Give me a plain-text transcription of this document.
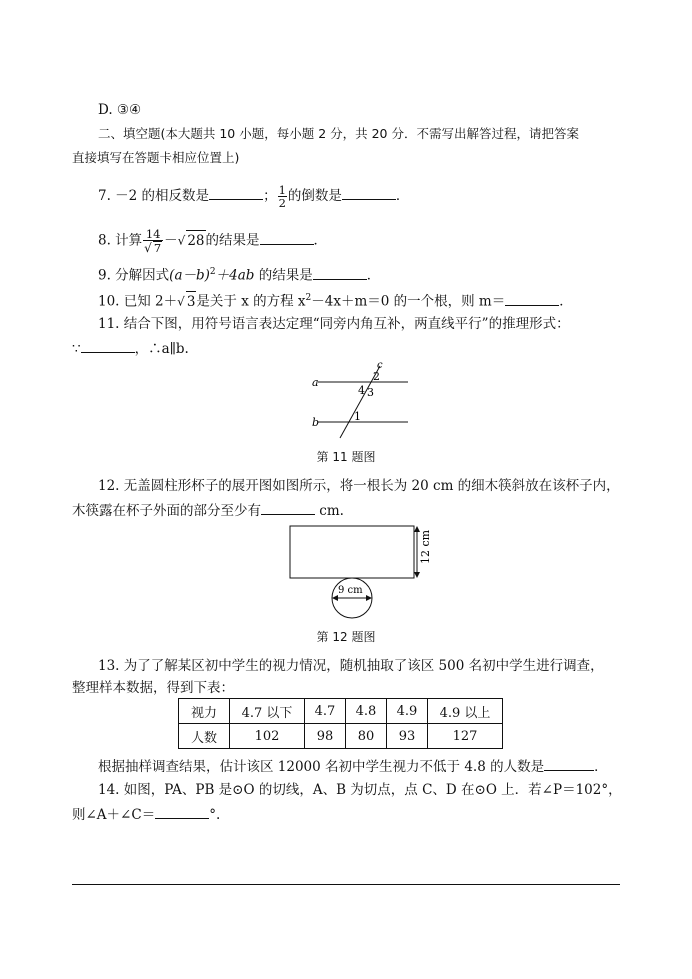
D. ③④
二、填空题(本大题共 10 小题，每小题 2 分，共 20 分．不需写出解答过程，请把答案
直接填写在答题卡相应位置上)
7. －2 的相反数是	； $\frac{1}{2}$ 的倒数是	．
8. 计算 $\frac{14}{√ 7}$ －√ 28的结果是	．
9. 分解因式$(a-b)^2+4ab$ 的结果是	．
10. 已知 2＋√ 3是关于 x 的方程 $x^2-4x+m=0$ 的一个根，则 m＝	．
11. 结合下图，用符号语言表达定理“同旁内角互补，两直线平行”的推理形式：
∵	，∴a∥b.
a
b
c
2
4 3
1
第 11 题图
12. 无盖圆柱形杯子的展开图如图所示，将一根长为 20 cm 的细木筷斜放在该杯子内，
木筷露在杯子外面的部分至少有	cm.
12 cm
9 cm
第 12 题图
13. 为了了解某区初中学生的视力情况，随机抽取了该区 500 名初中学生进行调查，
整理样本数据，得到下表：
视力	4.7 以下	4.7	4.8	4.9	4.9 以上
人数	102	98	80	93	127
根据抽样调查结果，估计该区 12000 名初中学生视力不低于 4.8 的人数是	．
14. 如图，PA、PB 是⊙O 的切线，A、B 为切点，点 C、D 在⊙O 上．若∠P＝102°，
则∠A＋∠C＝	°.
